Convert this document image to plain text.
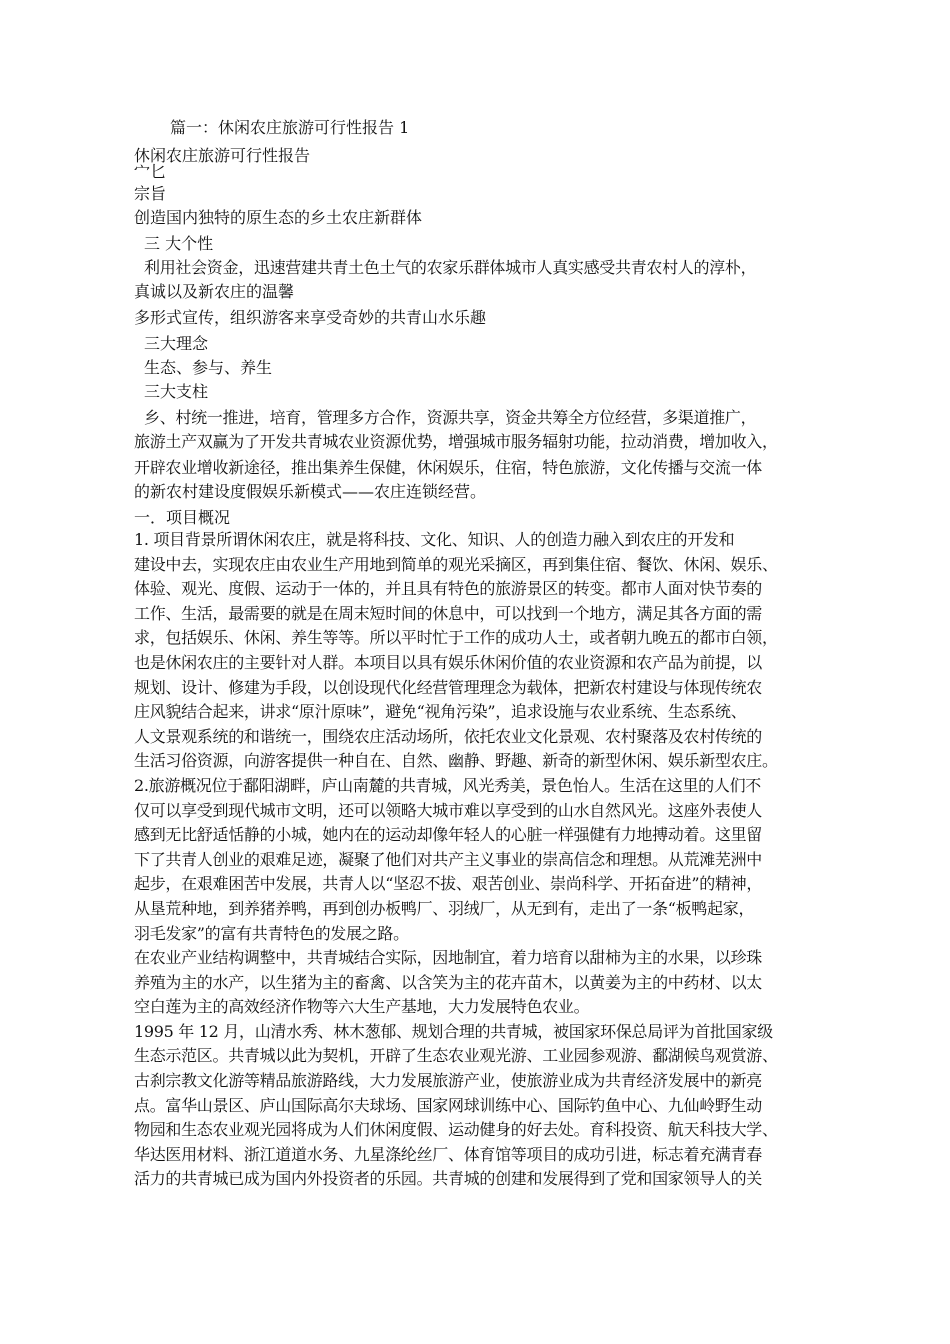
篇一：休闲农庄旅游可行性报告 1
休闲农庄旅游可行性报告
宀匕
宗旨
创造国内独特的原生态的乡土农庄新群体
三 大个性
利用社会资金，迅速营建共青土色土气的农家乐群体城市人真实感受共青农村人的淳朴，
真诚以及新农庄的温馨
多形式宣传，组织游客来享受奇妙的共青山水乐趣
三大理念
生态、参与、养生
三大支柱
乡、村统一推进，培育，管理多方合作，资源共享，资金共筹全方位经营，多渠道推广，
旅游土产双赢为了开发共青城农业资源优势，增强城市服务辐射功能，拉动消费，增加收入，
开辟农业增收新途径，推出集养生保健，休闲娱乐，住宿，特色旅游，文化传播与交流一体
的新农村建设度假娱乐新模式——农庄连锁经营。
一．项目概况
1. 项目背景所谓休闲农庄，就是将科技、文化、知识、人的创造力融入到农庄的开发和
建设中去，实现农庄由农业生产用地到简单的观光采摘区，再到集住宿、餐饮、休闲、娱乐、
体验、观光、度假、运动于一体的，并且具有特色的旅游景区的转变。都市人面对快节奏的
工作、生活，最需要的就是在周末短时间的休息中，可以找到一个地方，满足其各方面的需
求，包括娱乐、休闲、养生等等。所以平时忙于工作的成功人士，或者朝九晚五的都市白领，
也是休闲农庄的主要针对人群。本项目以具有娱乐休闲价值的农业资源和农产品为前提，以
规划、设计、修建为手段，以创设现代化经营管理理念为载体，把新农村建设与体现传统农
庄风貌结合起来，讲求“原汁原味”，避免“视角污染”，追求设施与农业系统、生态系统、
人文景观系统的和谐统一，围绕农庄活动场所，依托农业文化景观、农村聚落及农村传统的
生活习俗资源，向游客提供一种自在、自然、幽静、野趣、新奇的新型休闲、娱乐新型农庄。
2.旅游概况位于鄱阳湖畔，庐山南麓的共青城，风光秀美，景色怡人。生活在这里的人们不
仅可以享受到现代城市文明，还可以领略大城市难以享受到的山水自然风光。这座外表使人
感到无比舒适恬静的小城，她内在的运动却像年轻人的心脏一样强健有力地搏动着。这里留
下了共青人创业的艰难足迹，凝聚了他们对共产主义事业的崇高信念和理想。从荒滩芜洲中
起步，在艰难困苦中发展，共青人以“坚忍不拔、艰苦创业、崇尚科学、开拓奋进”的精神，
从垦荒种地，到养猪养鸭，再到创办板鸭厂、羽绒厂，从无到有，走出了一条“板鸭起家，
羽毛发家”的富有共青特色的发展之路。
在农业产业结构调整中，共青城结合实际，因地制宜，着力培育以甜柿为主的水果，以珍珠
养殖为主的水产，以生猪为主的畜禽、以含笑为主的花卉苗木，以黄姜为主的中药材、以太
空白莲为主的高效经济作物等六大生产基地，大力发展特色农业。
1995 年 12 月，山清水秀、林木葱郁、规划合理的共青城，被国家环保总局评为首批国家级
生态示范区。共青城以此为契机，开辟了生态农业观光游、工业园参观游、鄱湖候鸟观赏游、
古刹宗教文化游等精品旅游路线，大力发展旅游产业，使旅游业成为共青经济发展中的新亮
点。富华山景区、庐山国际高尔夫球场、国家网球训练中心、国际钓鱼中心、九仙岭野生动
物园和生态农业观光园将成为人们休闲度假、运动健身的好去处。育科投资、航天科技大学、
华达医用材料、浙江道道水务、九星涤纶丝厂、体育馆等项目的成功引进，标志着充满青春
活力的共青城已成为国内外投资者的乐园。共青城的创建和发展得到了党和国家领导人的关
